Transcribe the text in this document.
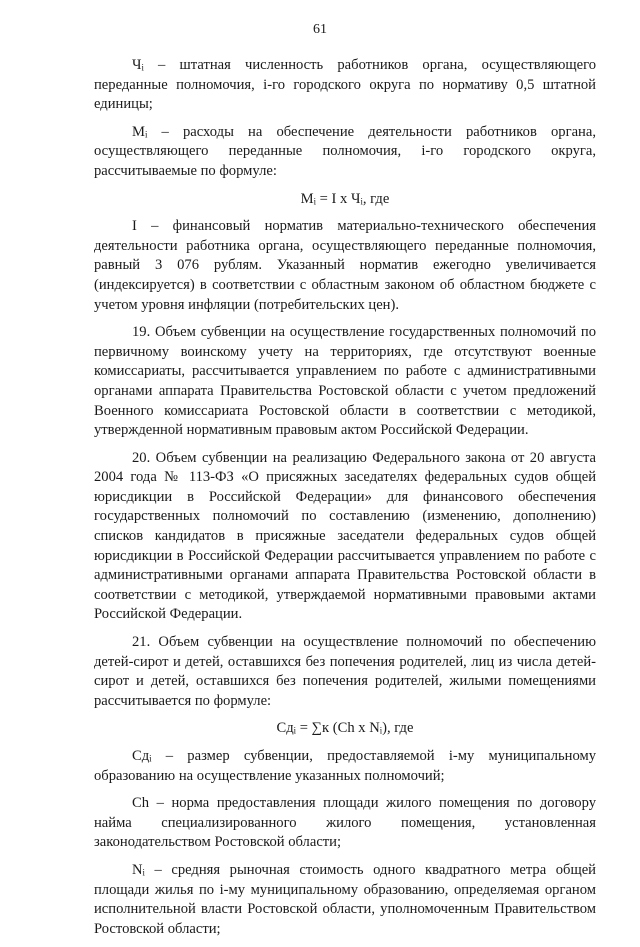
61

Чᵢ – штатная численность работников органа, осуществляющего переданные полномочия, i-го городского округа по нормативу 0,5 штатной единицы;

Мᵢ – расходы на обеспечение деятельности работников органа, осуществляющего переданные полномочия, i-го городского округа, рассчитываемые по формуле:

Мᵢ = I х Чᵢ, где

I – финансовый норматив материально-технического обеспечения деятельности работника органа, осуществляющего переданные полномочия, равный 3 076 рублям. Указанный норматив ежегодно увеличивается (индексируется) в соответствии с областным законом об областном бюджете с учетом уровня инфляции (потребительских цен).

19. Объем субвенции на осуществление государственных полномочий по первичному воинскому учету на территориях, где отсутствуют военные комиссариаты, рассчитывается управлением по работе с административными органами аппарата Правительства Ростовской области с учетом предложений Военного комиссариата Ростовской области в соответствии с методикой, утвержденной нормативным правовым актом Российской Федерации.

20. Объем субвенции на реализацию Федерального закона от 20 августа 2004 года № 113-ФЗ «О присяжных заседателях федеральных судов общей юрисдикции в Российской Федерации» для финансового обеспечения государственных полномочий по составлению (изменению, дополнению) списков кандидатов в присяжные заседатели федеральных судов общей юрисдикции в Российской Федерации рассчитывается управлением по работе с административными органами аппарата Правительства Ростовской области в соответствии с методикой, утверждаемой нормативными правовыми актами Российской Федерации.

21. Объем субвенции на осуществление полномочий по обеспечению детей-сирот и детей, оставшихся без попечения родителей, лиц из числа детей-сирот и детей, оставшихся без попечения родителей, жилыми помещениями рассчитывается по формуле:

Сдᵢ = ∑к (Ch х Nᵢ), где

Сдᵢ – размер субвенции, предоставляемой i-му муниципальному образованию на осуществление указанных полномочий;

Ch – норма предоставления площади жилого помещения по договору найма специализированного жилого помещения, установленная законодательством Ростовской области;

Nᵢ – средняя рыночная стоимость одного квадратного метра общей площади жилья по i-му муниципальному образованию, определяемая органом исполнительной власти Ростовской области, уполномоченным Правительством Ростовской области;
